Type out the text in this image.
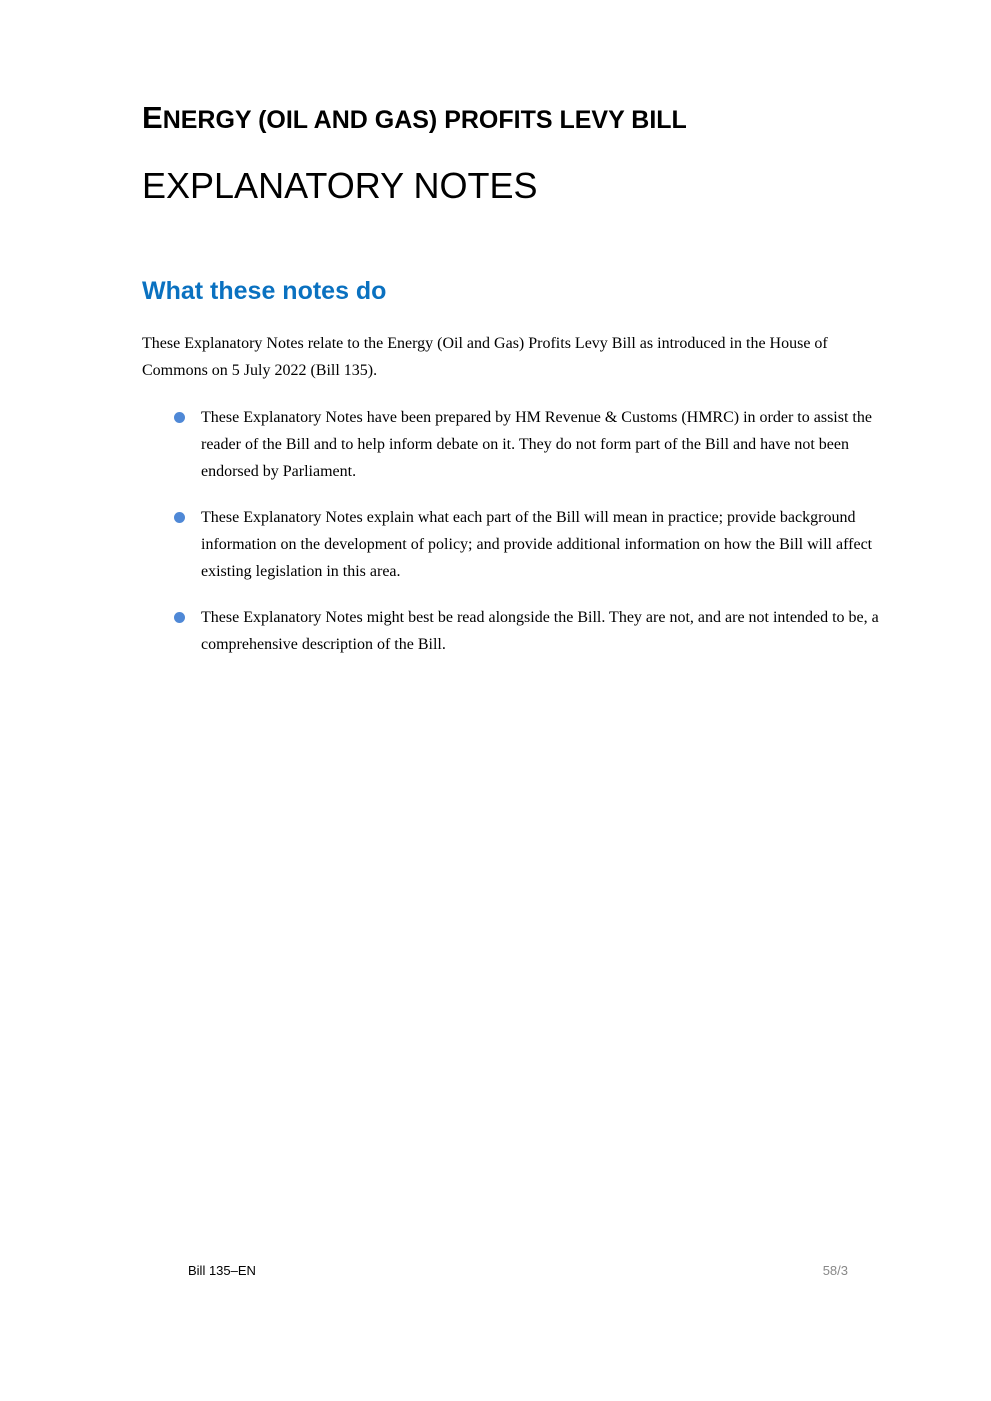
ENERGY (OIL AND GAS) PROFITS LEVY BILL
EXPLANATORY NOTES
What these notes do

These Explanatory Notes relate to the Energy (Oil and Gas) Profits Levy Bill as introduced in the House of Commons on 5 July 2022 (Bill 135).

These Explanatory Notes have been prepared by HM Revenue & Customs (HMRC) in order to assist the reader of the Bill and to help inform debate on it. They do not form part of the Bill and have not been endorsed by Parliament.
These Explanatory Notes explain what each part of the Bill will mean in practice; provide background information on the development of policy; and provide additional information on how the Bill will affect existing legislation in this area.
These Explanatory Notes might best be read alongside the Bill. They are not, and are not intended to be, a comprehensive description of the Bill.
Bill 135–EN	58/3
